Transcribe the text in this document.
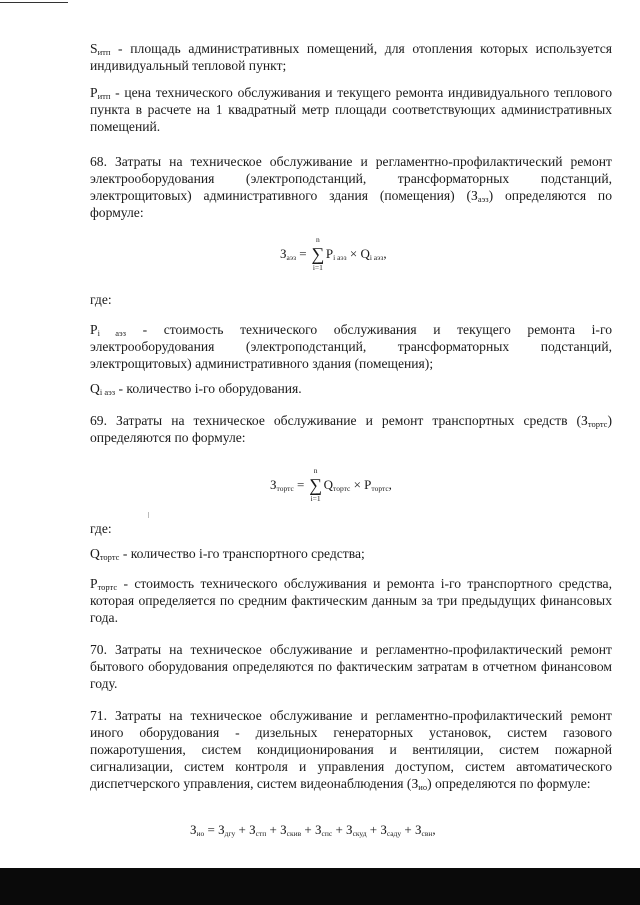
$S_{итп}$ - площадь административных помещений, для отопления которых используется индивидуальный тепловой пункт;

$P_{итп}$ - цена технического обслуживания и текущего ремонта индивидуального теплового пункта в расчете на 1 квадратный метр площади соответствующих административных помещений.

68. Затраты на техническое обслуживание и регламентно-профилактический ремонт электрооборудования (электроподстанций, трансформаторных подстанций, электрощитовых) административного здания (помещения) $(З_{аэз})$ определяются по формуле:

$З_{аэз}$ =
n
∑
i=1
$P_{i аэз} \times Q_{i аэз}$,

где:

$P_{i аэз}$ - стоимость технического обслуживания и текущего ремонта i-го электрооборудования (электроподстанций, трансформаторных подстанций, электрощитовых) административного здания (помещения);

$Q_{i аэз}$ - количество i-го оборудования.

69. Затраты на техническое обслуживание и ремонт транспортных средств $(З_{тортс})$ определяются по формуле:

$З_{тортс}$ =
n
∑
i=1
$Q_{тортс} \times P_{тортс}$,

где:

$Q_{тортс}$ - количество i-го транспортного средства;

$P_{тортс}$ - стоимость технического обслуживания и ремонта i-го транспортного средства, которая определяется по средним фактическим данным за три предыдущих финансовых года.

70. Затраты на техническое обслуживание и регламентно-профилактический ремонт бытового оборудования определяются по фактическим затратам в отчетном финансовом году.

71. Затраты на техническое обслуживание и регламентно-профилактический ремонт иного оборудования - дизельных генераторных установок, систем газового пожаротушения, систем кондиционирования и вентиляции, систем пожарной сигнализации, систем контроля и управления доступом, систем автоматического диспетчерского управления, систем видеонаблюдения $(З_{ио})$ определяются по формуле:

$З_{ио} = З_{дгу} + З_{стп} + З_{скив} + З_{спс} + З_{скуд} + З_{сaду} + З_{свн}$,
